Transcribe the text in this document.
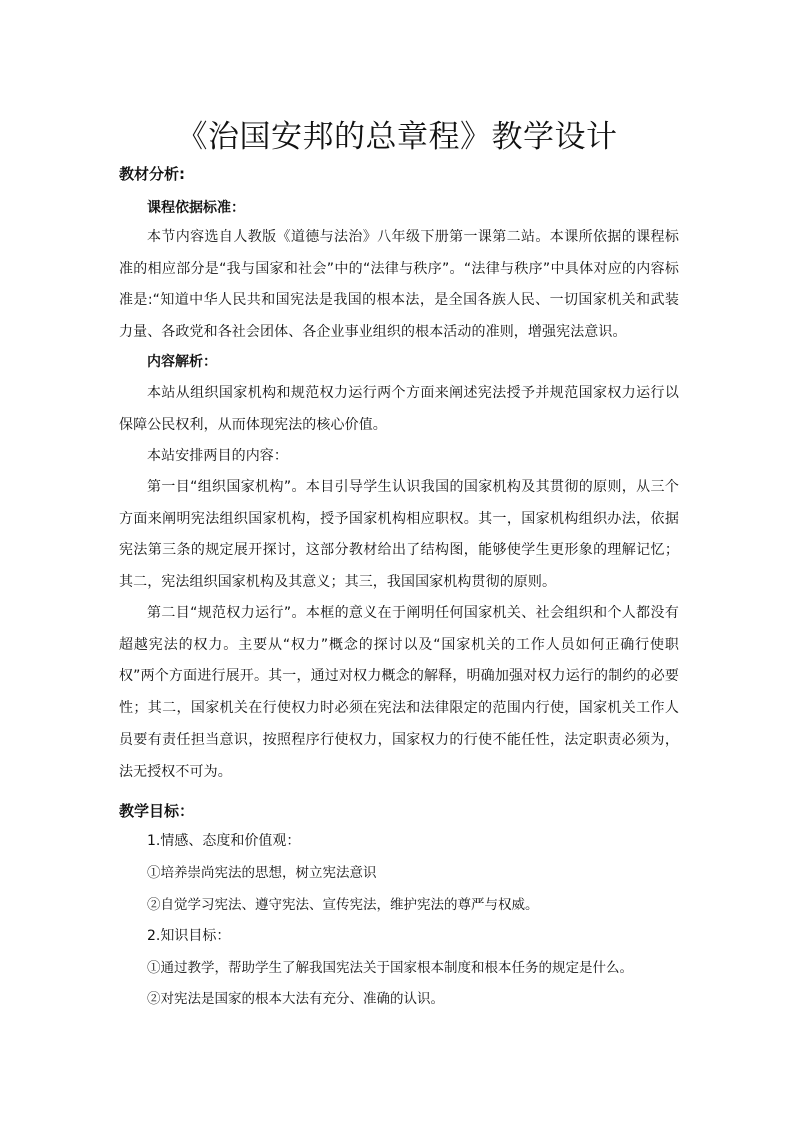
《治国安邦的总章程》教学设计
教材分析:
课程依据标准：

本节内容选自人教版《道德与法治》八年级下册第一课第二站。本课所依据的课程标准的相应部分是“我与国家和社会”中的“法律与秩序”。“法律与秩序”中具体对应的内容标准是:“知道中华人民共和国宪法是我国的根本法，是全国各族人民、一切国家机关和武装力量、各政党和各社会团体、各企业事业组织的根本活动的准则，增强宪法意识。

内容解析：

本站从组织国家机构和规范权力运行两个方面来阐述宪法授予并规范国家权力运行以保障公民权利，从而体现宪法的核心价值。

本站安排两目的内容：

第一目“组织国家机构”。本目引导学生认识我国的国家机构及其贯彻的原则，从三个方面来阐明宪法组织国家机构，授予国家机构相应职权。其一，国家机构组织办法，依据宪法第三条的规定展开探讨，这部分教材给出了结构图，能够使学生更形象的理解记忆；其二，宪法组织国家机构及其意义；其三，我国国家机构贯彻的原则。

第二目“规范权力运行”。本框的意义在于阐明任何国家机关、社会组织和个人都没有超越宪法的权力。主要从“权力”概念的探讨以及“国家机关的工作人员如何正确行使职权”两个方面进行展开。其一，通过对权力概念的解释，明确加强对权力运行的制约的必要性；其二，国家机关在行使权力时必须在宪法和法律限定的范围内行使，国家机关工作人员要有责任担当意识，按照程序行使权力，国家权力的行使不能任性，法定职责必须为，法无授权不可为。

教学目标：
1.情感、态度和价值观：
①培养崇尚宪法的思想，树立宪法意识
②自觉学习宪法、遵守宪法、宣传宪法，维护宪法的尊严与权威。
2.知识目标：
①通过教学，帮助学生了解我国宪法关于国家根本制度和根本任务的规定是什么。
②对宪法是国家的根本大法有充分、准确的认识。
